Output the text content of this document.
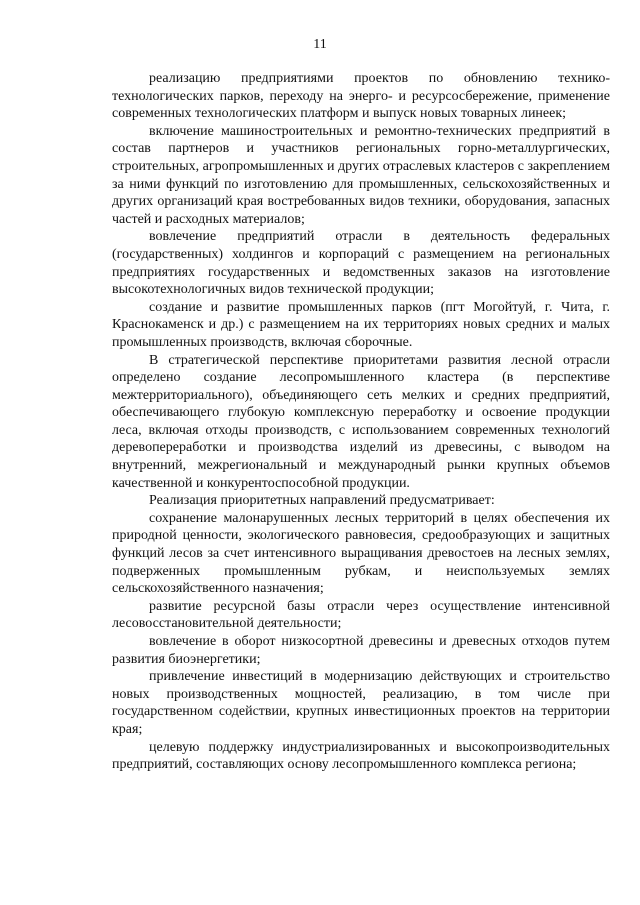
11

реализацию предприятиями проектов по обновлению технико-технологических парков, переходу на энерго- и ресурсосбережение, применение современных технологических платформ и выпуск новых товарных линеек;

включение машиностроительных и ремонтно-технических предприятий в состав партнеров и участников региональных горно-металлургических, строительных, агропромышленных и других отраслевых кластеров с закреплением за ними функций по изготовлению для промышленных, сельскохозяйственных и других организаций края востребованных видов техники, оборудования, запасных частей и расходных материалов;

вовлечение предприятий отрасли в деятельность федеральных (государственных) холдингов и корпораций с размещением на региональных предприятиях государственных и ведомственных заказов на изготовление высокотехнологичных видов технической продукции;

создание и развитие промышленных парков (пгт Могойтуй, г. Чита, г. Краснокаменск и др.) с размещением на их территориях новых средних и малых промышленных производств, включая сборочные.

В стратегической перспективе приоритетами развития лесной отрасли определено создание лесопромышленного кластера (в перспективе межтерриториального), объединяющего сеть мелких и средних предприятий, обеспечивающего глубокую комплексную переработку и освоение продукции леса, включая отходы производств, с использованием современных технологий деревопереработки и производства изделий из древесины, с выводом на внутренний, межрегиональный и международный рынки крупных объемов качественной и конкурентоспособной продукции.

Реализация приоритетных направлений предусматривает:

сохранение малонарушенных лесных территорий в целях обеспечения их природной ценности, экологического равновесия, средообразующих и защитных функций лесов за счет интенсивного выращивания древостоев на лесных землях, подверженных промышленным рубкам, и неиспользуемых землях сельскохозяйственного назначения;

развитие ресурсной базы отрасли через осуществление интенсивной лесовосстановительной деятельности;

вовлечение в оборот низкосортной древесины и древесных отходов путем развития биоэнергетики;

привлечение инвестиций в модернизацию действующих и строительство новых производственных мощностей, реализацию, в том числе при государственном содействии, крупных инвестиционных проектов на территории края;

целевую поддержку индустриализированных и высокопроизводительных предприятий, составляющих основу лесопромышленного комплекса региона;
